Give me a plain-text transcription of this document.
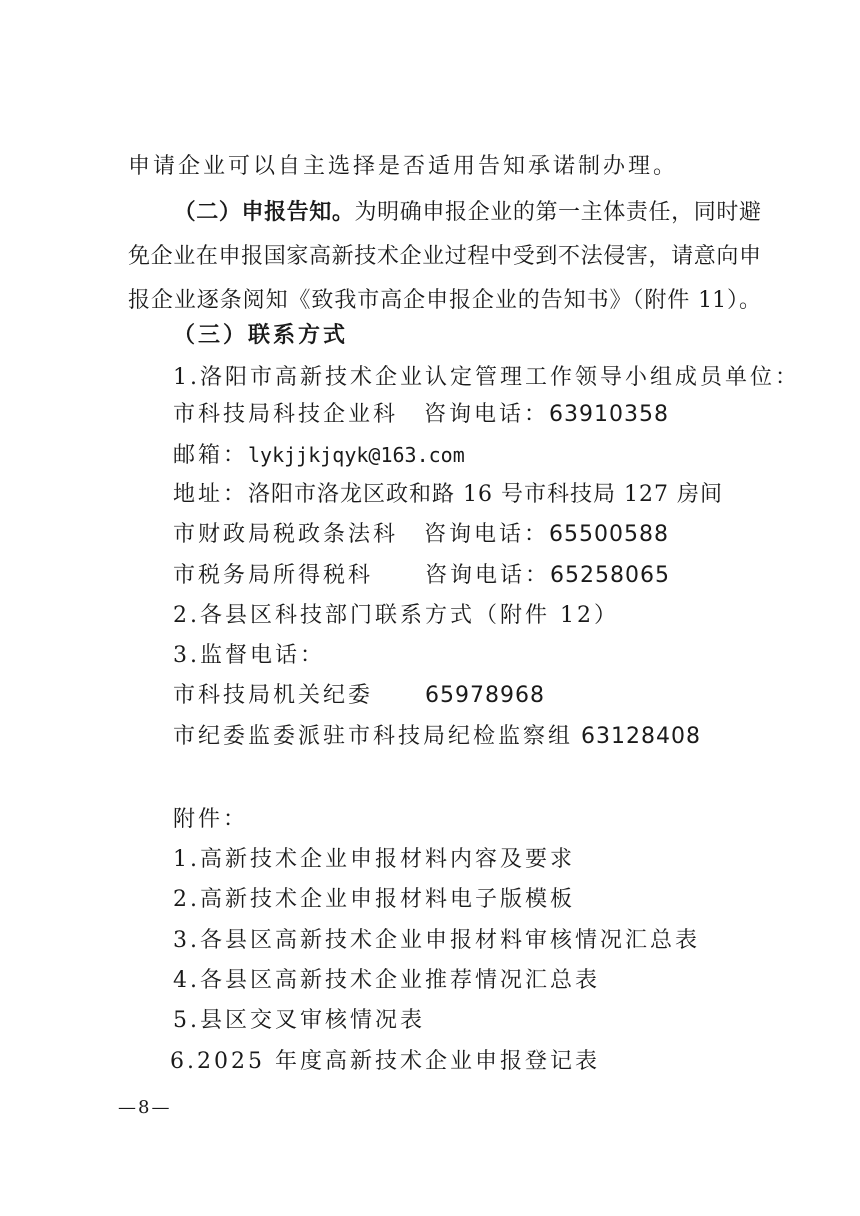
申请企业可以自主选择是否适用告知承诺制办理。
（二）申报告知。为明确申报企业的第一主体责任，同时避
免企业在申报国家高新技术企业过程中受到不法侵害，请意向申
报企业逐条阅知《致我市高企申报企业的告知书》（附件 11）。
（三）联系方式
1.洛阳市高新技术企业认定管理工作领导小组成员单位：
市科技局科技企业科 咨询电话：63910358
邮箱：lykjjkjqyk@163.com
地址：洛阳市洛龙区政和路 16 号市科技局 127 房间
市财政局税政条法科 咨询电话：65500588
市税务局所得税科 咨询电话：65258065
2.各县区科技部门联系方式（附件 12）
3.监督电话：
市科技局机关纪委 65978968
市纪委监委派驻市科技局纪检监察组 63128408
附件：
1.高新技术企业申报材料内容及要求
2.高新技术企业申报材料电子版模板
3.各县区高新技术企业申报材料审核情况汇总表
4.各县区高新技术企业推荐情况汇总表
5.县区交叉审核情况表
6.2025 年度高新技术企业申报登记表
—8—
